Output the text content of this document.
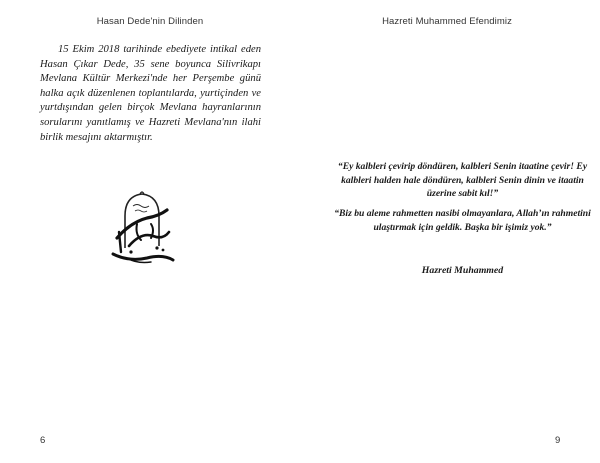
Hasan Dede'nin Dilinden

15 Ekim 2018 tarihinde ebediyete intikal eden Hasan Çıkar Dede, 35 sene boyunca Silivrikapı Mevlana Kültür Merkezi'nde her Perşembe günü halka açık düzenlenen toplantılarda, yurtiçinden ve yurtdışından gelen birçok Mevlana hayranlarının sorularını yanıtlamış ve Hazreti Mevlana'nın ilahi birlik mesajını aktarmıştır.

6
Hazreti Muhammed Efendimiz
“Ey kalbleri çevirip döndüren, kalbleri Senin itaatine çevir! Ey kalbleri halden hale döndüren, kalbleri Senin dinin ve itaatin üzerine sabit kıl!”
“Biz bu aleme rahmetten nasibi olmayanlara, Allah’ın rahmetini ulaştırmak için geldik. Başka bir işimiz yok.”
Hazreti Muhammed
9
